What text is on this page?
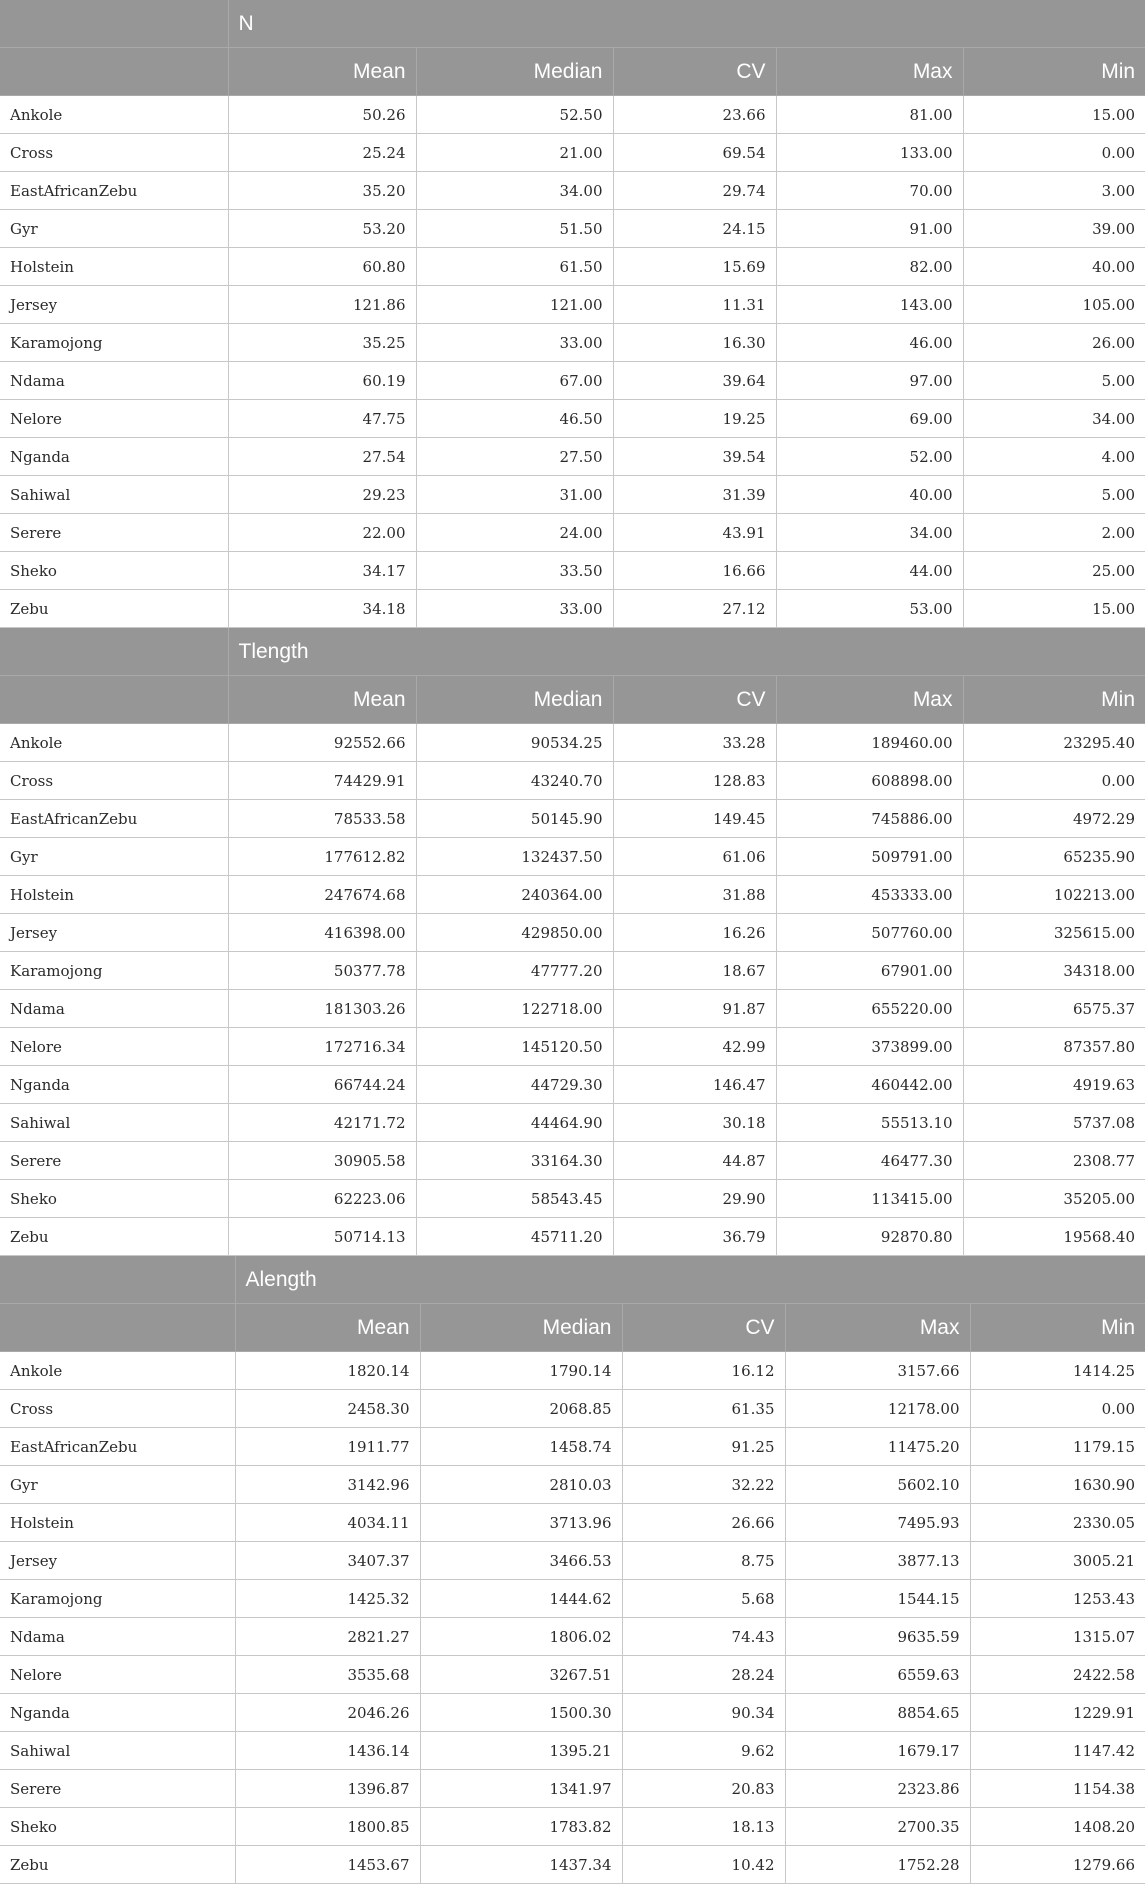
	N				
	Mean	Median	CV	Max	Min
Ankole	50.26	52.50	23.66	81.00	15.00
Cross	25.24	21.00	69.54	133.00	0.00
EastAfricanZebu	35.20	34.00	29.74	70.00	3.00
Gyr	53.20	51.50	24.15	91.00	39.00
Holstein	60.80	61.50	15.69	82.00	40.00
Jersey	121.86	121.00	11.31	143.00	105.00
Karamojong	35.25	33.00	16.30	46.00	26.00
Ndama	60.19	67.00	39.64	97.00	5.00
Nelore	47.75	46.50	19.25	69.00	34.00
Nganda	27.54	27.50	39.54	52.00	4.00
Sahiwal	29.23	31.00	31.39	40.00	5.00
Serere	22.00	24.00	43.91	34.00	2.00
Sheko	34.17	33.50	16.66	44.00	25.00
Zebu	34.18	33.00	27.12	53.00	15.00
	Tlength				
	Mean	Median	CV	Max	Min
Ankole	92552.66	90534.25	33.28	189460.00	23295.40
Cross	74429.91	43240.70	128.83	608898.00	0.00
EastAfricanZebu	78533.58	50145.90	149.45	745886.00	4972.29
Gyr	177612.82	132437.50	61.06	509791.00	65235.90
Holstein	247674.68	240364.00	31.88	453333.00	102213.00
Jersey	416398.00	429850.00	16.26	507760.00	325615.00
Karamojong	50377.78	47777.20	18.67	67901.00	34318.00
Ndama	181303.26	122718.00	91.87	655220.00	6575.37
Nelore	172716.34	145120.50	42.99	373899.00	87357.80
Nganda	66744.24	44729.30	146.47	460442.00	4919.63
Sahiwal	42171.72	44464.90	30.18	55513.10	5737.08
Serere	30905.58	33164.30	44.87	46477.30	2308.77
Sheko	62223.06	58543.45	29.90	113415.00	35205.00
Zebu	50714.13	45711.20	36.79	92870.80	19568.40
	Alength				
	Mean	Median	CV	Max	Min
Ankole	1820.14	1790.14	16.12	3157.66	1414.25
Cross	2458.30	2068.85	61.35	12178.00	0.00
EastAfricanZebu	1911.77	1458.74	91.25	11475.20	1179.15
Gyr	3142.96	2810.03	32.22	5602.10	1630.90
Holstein	4034.11	3713.96	26.66	7495.93	2330.05
Jersey	3407.37	3466.53	8.75	3877.13	3005.21
Karamojong	1425.32	1444.62	5.68	1544.15	1253.43
Ndama	2821.27	1806.02	74.43	9635.59	1315.07
Nelore	3535.68	3267.51	28.24	6559.63	2422.58
Nganda	2046.26	1500.30	90.34	8854.65	1229.91
Sahiwal	1436.14	1395.21	9.62	1679.17	1147.42
Serere	1396.87	1341.97	20.83	2323.86	1154.38
Sheko	1800.85	1783.82	18.13	2700.35	1408.20
Zebu	1453.67	1437.34	10.42	1752.28	1279.66
